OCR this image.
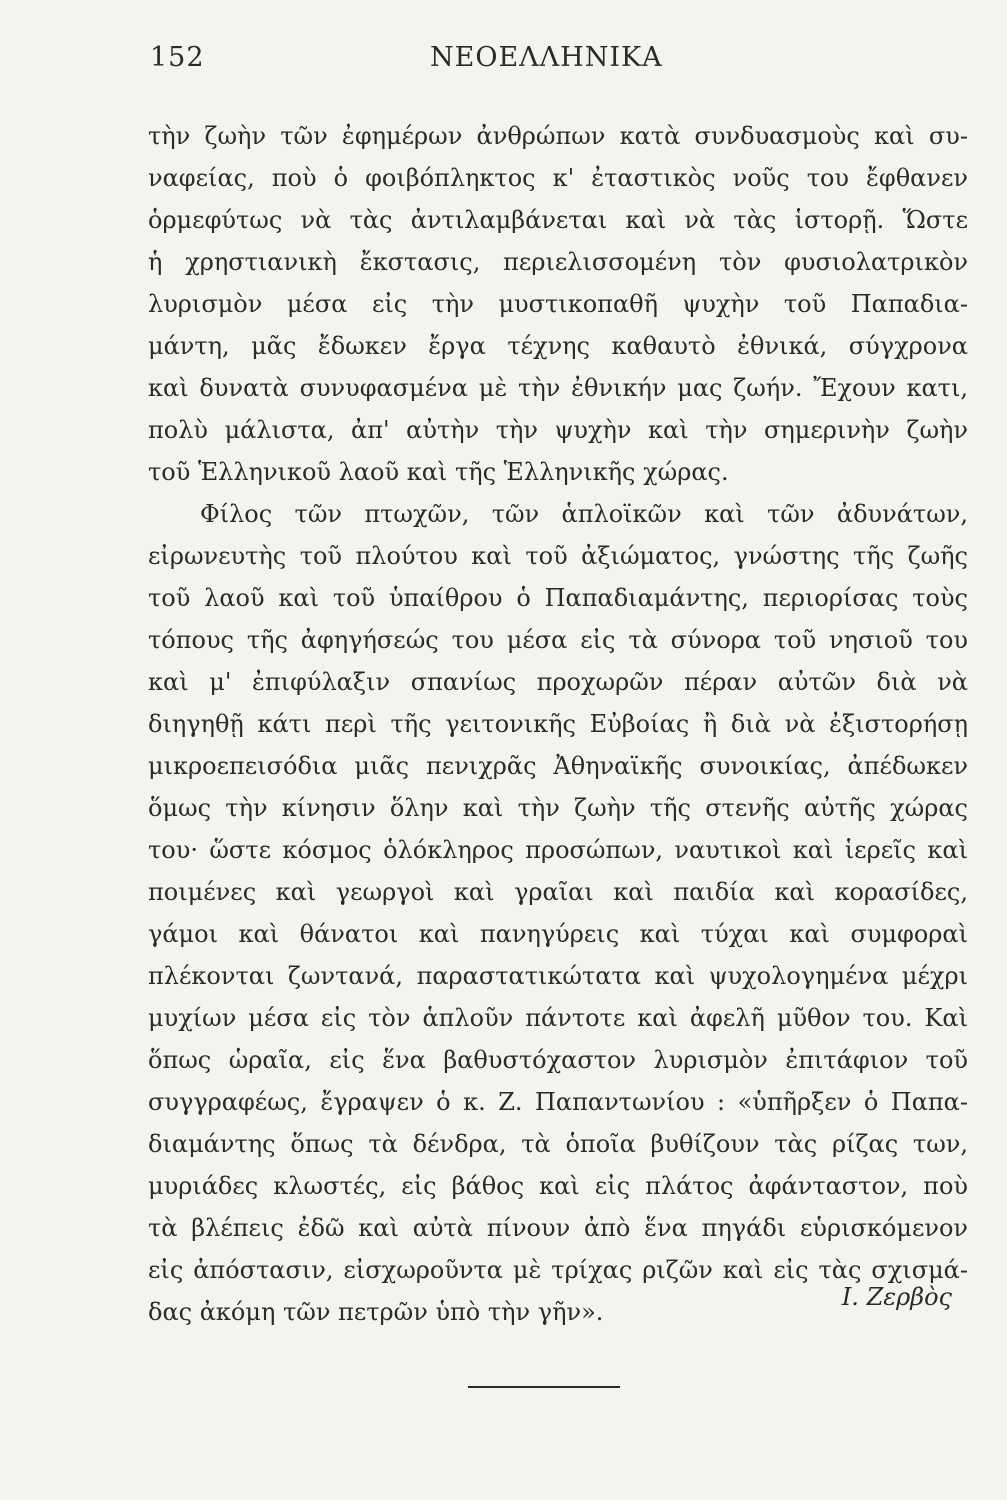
152	ΝΕΟΕΛΛΗΝΙΚΑ
τὴν ζωὴν τῶν ἐφημέρων ἀνθρώπων κατὰ συνδυασμοὺς καὶ συ-
ναφείας, ποὺ ὁ φοιβόπληκτος κ' ἐταστικὸς νοῦς του ἔφθανεν
ὁρμεφύτως νὰ τὰς ἀντιλαμβάνεται καὶ νὰ τὰς ἱστορῇ. Ὥστε
ἡ χρηστιανικὴ ἔκστασις, περιελισσομένη τὸν φυσιολατρικὸν
λυρισμὸν μέσα εἰς τὴν μυστικοπαθῆ ψυχὴν τοῦ Παπαδια-
μάντη, μᾶς ἔδωκεν ἔργα τέχνης καθαυτὸ ἐθνικά, σύγχρονα
καὶ δυνατὰ συνυφασμένα μὲ τὴν ἐθνικήν μας ζωήν. Ἔχουν κατι,
πολὺ μάλιστα, ἀπ' αὐτὴν τὴν ψυχὴν καὶ τὴν σημερινὴν ζωὴν
τοῦ Ἑλληνικοῦ λαοῦ καὶ τῆς Ἑλληνικῆς χώρας.
Φίλος τῶν πτωχῶν, τῶν ἁπλοϊκῶν καὶ τῶν ἀδυνάτων,
εἰρωνευτὴς τοῦ πλούτου καὶ τοῦ ἀξιώματος, γνώστης τῆς ζωῆς
τοῦ λαοῦ καὶ τοῦ ὑπαίθρου ὁ Παπαδιαμάντης, περιορίσας τοὺς
τόπους τῆς ἀφηγήσεώς του μέσα εἰς τὰ σύνορα τοῦ νησιοῦ του
καὶ μ' ἐπιφύλαξιν σπανίως προχωρῶν πέραν αὐτῶν διὰ νὰ
διηγηθῇ κάτι περὶ τῆς γειτονικῆς Εὐβοίας ἢ διὰ νὰ ἐξιστορήσῃ
μικροεπεισόδια μιᾶς πενιχρᾶς Ἀθηναϊκῆς συνοικίας, ἀπέδωκεν
ὅμως τὴν κίνησιν ὅλην καὶ τὴν ζωὴν τῆς στενῆς αὐτῆς χώρας
του· ὥστε κόσμος ὁλόκληρος προσώπων, ναυτικοὶ καὶ ἱερεῖς καὶ
ποιμένες καὶ γεωργοὶ καὶ γραῖαι καὶ παιδία καὶ κορασίδες,
γάμοι καὶ θάνατοι καὶ πανηγύρεις καὶ τύχαι καὶ συμφοραὶ
πλέκονται ζωντανά, παραστατικώτατα καὶ ψυχολογημένα μέχρι
μυχίων μέσα εἰς τὸν ἁπλοῦν πάντοτε καὶ ἀφελῆ μῦθον του. Καὶ
ὅπως ὡραῖα, εἰς ἕνα βαθυστόχαστον λυρισμὸν ἐπιτάφιον τοῦ
συγγραφέως, ἔγραψεν ὁ κ. Ζ. Παπαντωνίου : «ὑπῆρξεν ὁ Παπα-
διαμάντης ὅπως τὰ δένδρα, τὰ ὁποῖα βυθίζουν τὰς ρίζας των,
μυριάδες κλωστές, εἰς βάθος καὶ εἰς πλάτος ἀφάνταστον, ποὺ
τὰ βλέπεις ἐδῶ καὶ αὐτὰ πίνουν ἀπὸ ἕνα πηγάδι εὑρισκόμενον
εἰς ἀπόστασιν, εἰσχωροῦντα μὲ τρίχας ριζῶν καὶ εἰς τὰς σχισμά-
δας ἀκόμη τῶν πετρῶν ὑπὸ τὴν γῆν».
Ι. Ζερβὸς
